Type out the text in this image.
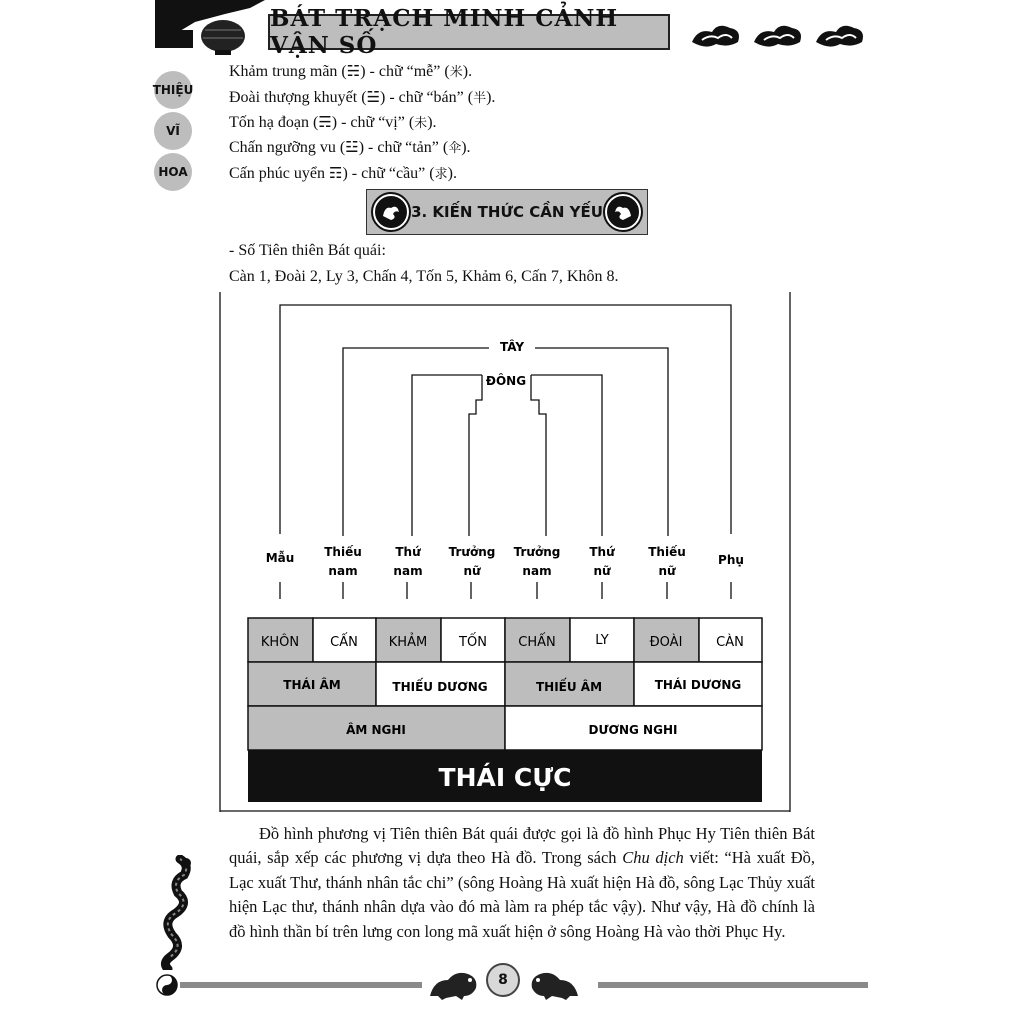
BÁT TRẠCH MINH CẢNH VẬN SỐ
THIỆU
VĨ
HOA
Khảm trung mãn (☵) - chữ “mễ” (米).
Đoài thượng khuyết (☱) - chữ “bán” (半).
Tốn hạ đoạn (☴) - chữ “vị” (未).
Chấn ngưỡng vu (☳) - chữ “tản” (伞).
Cấn phúc uyển ☶) - chữ “cầu” (求).
3. KIẾN THỨC CẦN YẾU
- Số Tiên thiên Bát quái:
Càn 1, Đoài 2, Ly 3, Chấn 4, Tốn 5, Khảm 6, Cấn 7, Khôn 8.
TÂY
ĐÔNG
Mẫu Thiếu
nam
Thứ
nam
Trưởng
nữ
Trưởng
nam
Thứ
nữ
Thiếu
nữ
Phụ
KHÔN CẤN KHẢM TỐN CHẤN	LY	ĐOÀI	CÀN
THÁI ÂM	THIẾU DƯƠNG	THIẾU ÂM	THÁI DƯƠNG
ÂM NGHI	DƯƠNG NGHI
THÁI CỰC

Đồ hình phương vị Tiên thiên Bát quái được gọi là đồ hình Phục Hy Tiên thiên Bát quái, sắp xếp các phương vị dựa theo Hà đồ. Trong sách Chu dịch viết: “Hà xuất Đồ, Lạc xuất Thư, thánh nhân tắc chi” (sông Hoàng Hà xuất hiện Hà đồ, sông Lạc Thủy xuất hiện Lạc thư, thánh nhân dựa vào đó mà làm ra phép tắc vậy). Như vậy, Hà đồ chính là đồ hình thần bí trên lưng con long mã xuất hiện ở sông Hoàng Hà vào thời Phục Hy.

8
